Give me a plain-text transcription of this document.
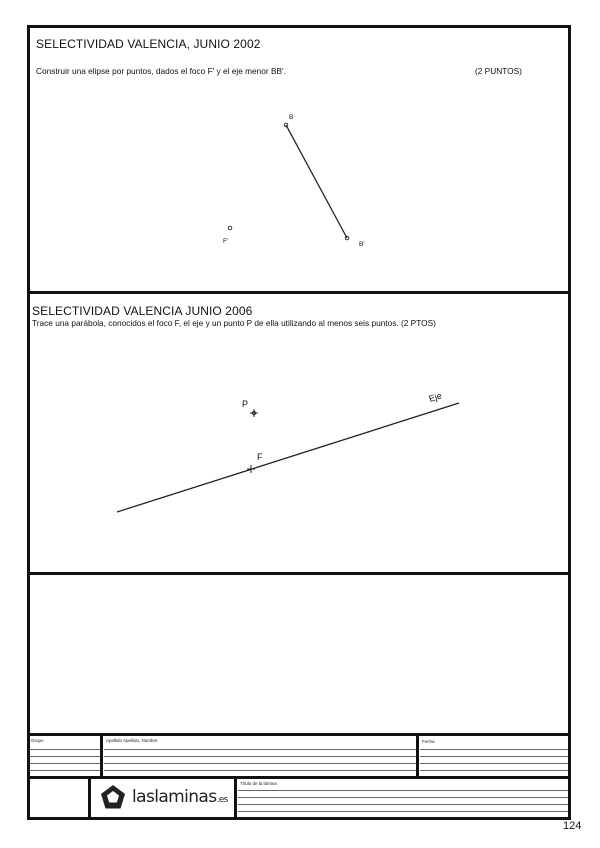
SELECTIVIDAD VALENCIA, JUNIO 2002
Construir una elipse por puntos, dados el foco F' y el eje menor BB'.	(2 PUNTOS)
B
B'
F'
SELECTIVIDAD VALENCIA JUNIO 2006
Trace una parábola, conocidos el foco F, el eje y un punto P de ella utilizando al menos seis puntos. (2 PTOS)
P
F
Eje
Grupo	Apellido Apellido, Nombre	Fecha
Título de la lámina
laslaminas.es
124
